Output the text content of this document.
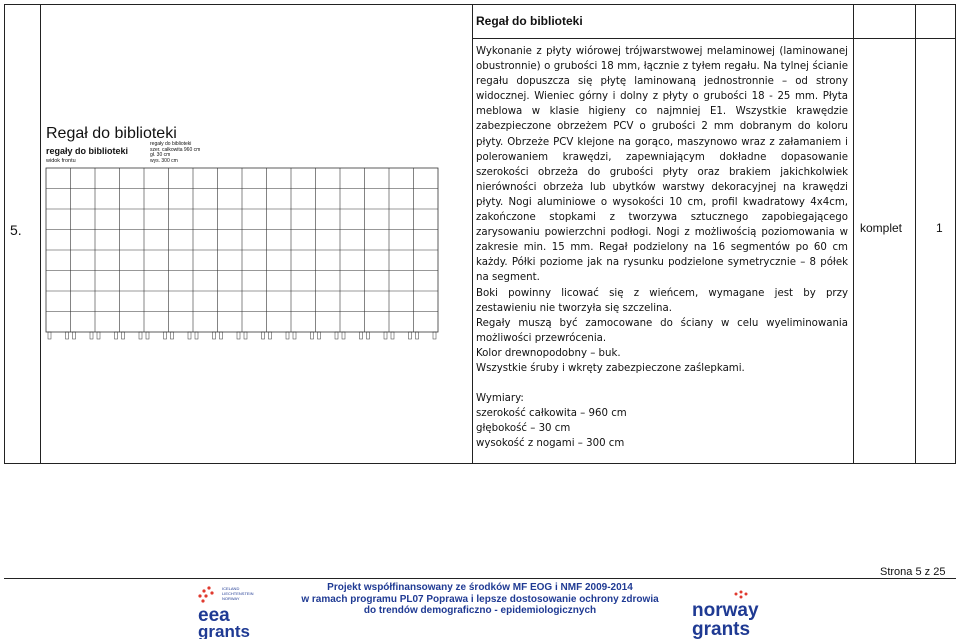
5.
Regał do biblioteki

Wykonanie z płyty wiórowej trójwarstwowej melaminowej (laminowanej obustronnie) o grubości 18 mm, łącznie z tyłem regału. Na tylnej ścianie regału dopuszcza się płytę laminowaną jednostronnie – od strony widocznej. Wieniec górny i dolny z płyty o grubości 18 - 25 mm. Płyta meblowa w klasie higieny co najmniej E1. Wszystkie krawędzie zabezpieczone obrzeżem PCV o grubości 2 mm dobranym do koloru płyty. Obrzeże PCV klejone na gorąco, maszynowo wraz z załamaniem i polerowaniem krawędzi, zapewniającym dokładne dopasowanie szerokości obrzeża do grubości płyty oraz brakiem jakichkolwiek nierówności obrzeża lub ubytków warstwy dekoracyjnej na krawędzi płyty. Nogi aluminiowe o wysokości 10 cm, profil kwadratowy 4x4cm, zakończone stopkami z tworzywa sztucznego zapobiegającego zarysowaniu powierzchni podłogi. Nogi z możliwością poziomowania w zakresie min. 15 mm. Regał podzielony na 16 segmentów po 60 cm każdy. Półki poziome jak na rysunku podzielone symetrycznie – 8 półek na segment.

Boki powinny licować się z wieńcem, wymagane jest by przy zestawieniu nie tworzyła się szczelina.

Regały muszą być zamocowane do ściany w celu wyeliminowania możliwości przewrócenia.

Kolor drewnopodobny – buk.

Wszystkie śruby i wkręty zabezpieczone zaślepkami.

Wymiary:

szerokość całkowita – 960 cm

głębokość – 30 cm

wysokość z nogami – 300 cm

komplet	1
Regał do biblioteki
regały do biblioteki
widok frontu
regały do biblioteki
szer. całkowita 960 cm
gł. 30 cm
wys. 300 cm
Strona 5 z 25
Projekt współfinansowany ze środków MF EOG i NMF 2009-2014
w ramach programu PL07 Poprawa i lepsze dostosowanie ochrony zdrowia
do trendów demograficzno - epidemiologicznych
ICELAND
LIECHTENSTEIN
NORWAY
eea
grants
norway
grants
